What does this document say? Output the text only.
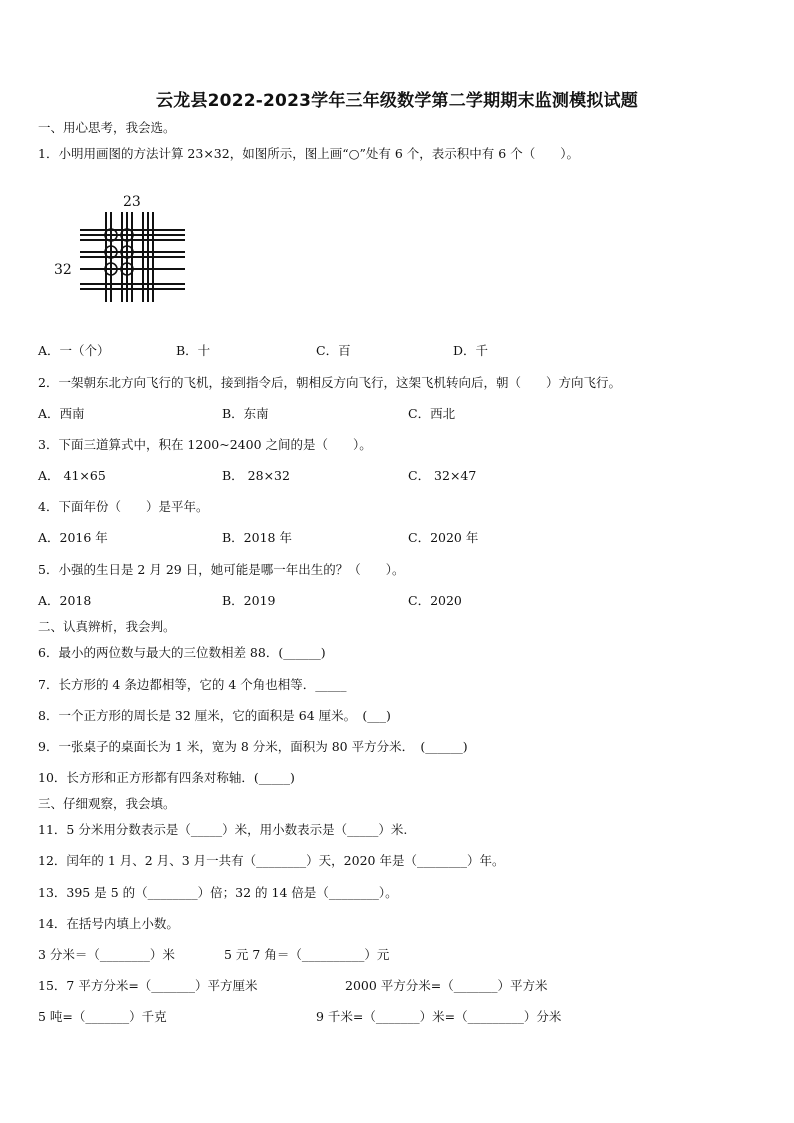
云龙县2022-2023学年三年级数学第二学期期末监测模拟试题
一、用心思考，我会选。
1．小明用画图的方法计算 23×32，如图所示，图上画“○”处有 6 个，表示积中有 6 个（　　）。
23
32
A．一（个）	B．十	C．百	D．千
2．一架朝东北方向飞行的飞机，接到指令后，朝相反方向飞行，这架飞机转向后，朝（　　）方向飞行。
A．西南	B．东南	C．西北
3．下面三道算式中，积在 1200~2400 之间的是（　　）。
A． 41×65	B． 28×32	C． 32×47
4．下面年份（　　）是平年。
A．2016 年	B．2018 年	C．2020 年
5．小强的生日是 2 月 29 日，她可能是哪一年出生的？（　　）。
A．2018	B．2019	C．2020
二、认真辨析，我会判。
6．最小的两位数与最大的三位数相差 88．(______)
7．长方形的 4 条边都相等，它的 4 个角也相等．_____
8．一个正方形的周长是 32 厘米，它的面积是 64 厘米。　(___)
9．一张桌子的桌面长为 1 米，宽为 8 分米，面积为 80 平方分米．　(______)
10．长方形和正方形都有四条对称轴．(_____)
三、仔细观察，我会填。
11．5 分米用分数表示是（_____）米，用小数表示是（_____）米.
12．闰年的 1 月、2 月、3 月一共有（________）天，2020 年是（________）年。
13．395 是 5 的（________）倍；32 的 14 倍是（________）。
14．在括号内填上小数。
3 分米＝（________）米	5 元 7 角＝（__________）元
15．7 平方分米=（_______）平方厘米	2000 平方分米=（_______）平方米
5 吨=（_______）千克	9 千米=（_______）米=（_________）分米
